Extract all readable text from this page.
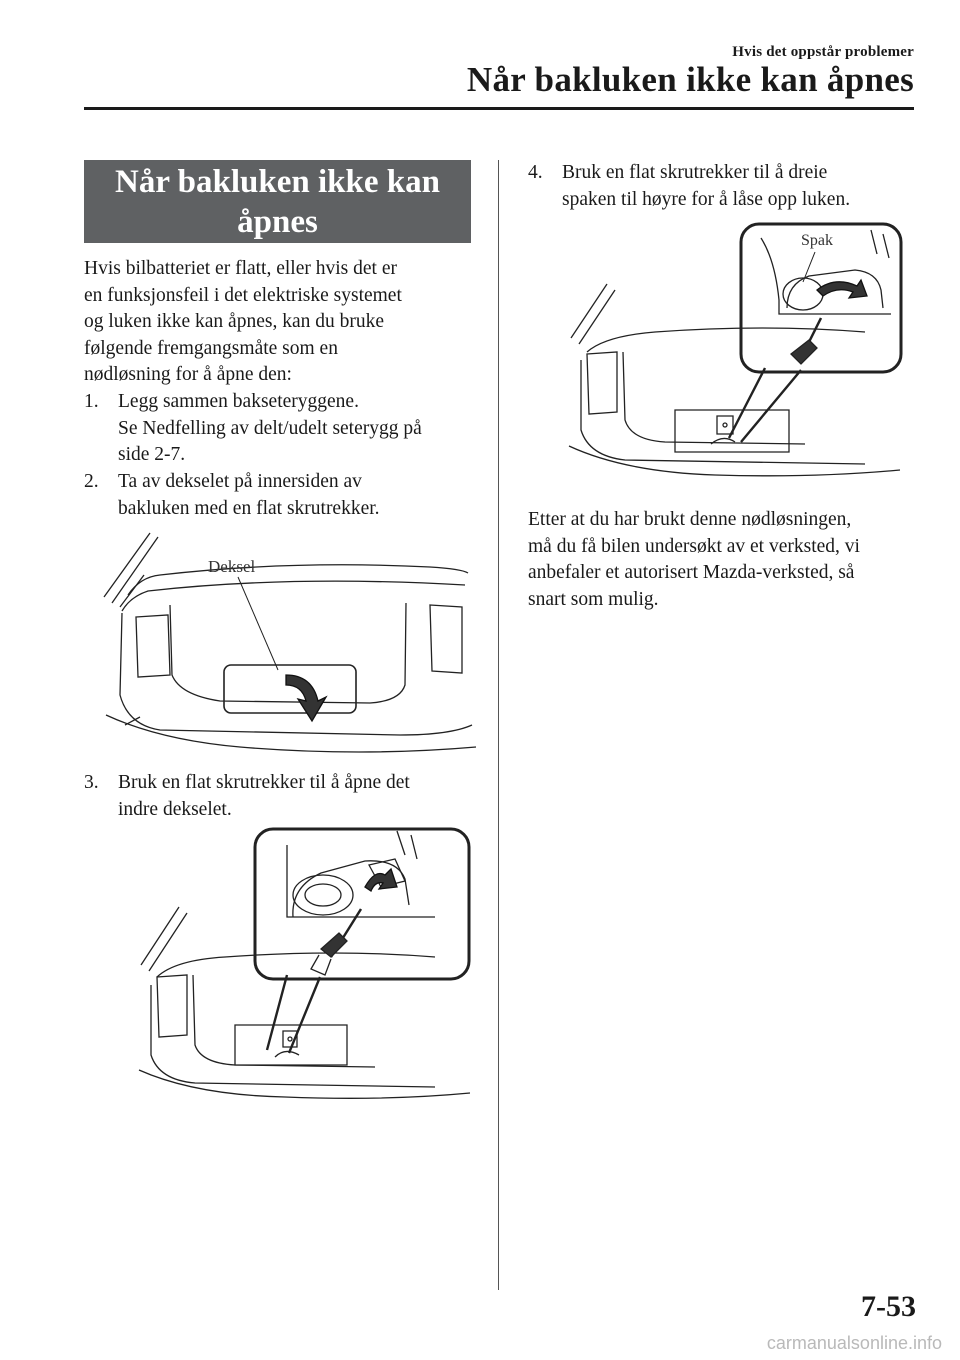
Hvis det oppstår problemer
Når bakluken ikke kan åpnes
Når bakluken ikke kan
åpnes
Hvis bilbatteriet er flatt, eller hvis det er
en funksjonsfeil i det elektriske systemet
og luken ikke kan åpnes, kan du bruke
følgende fremgangsmåte som en
nødløsning for å åpne den:
1. Legg sammen bakseteryggene.
Se Nedfelling av delt/udelt seterygg på
side 2-7.
2. Ta av dekselet på innersiden av
bakluken med en flat skrutrekker.
Deksel
3. Bruk en flat skrutrekker til å åpne det
indre dekselet.
4. Bruk en flat skrutrekker til å dreie
spaken til høyre for å låse opp luken.
Spak
Etter at du har brukt denne nødløsningen,
må du få bilen undersøkt av et verksted, vi
anbefaler et autorisert Mazda-verksted, så
snart som mulig.
7-53
carmanualsonline.info
